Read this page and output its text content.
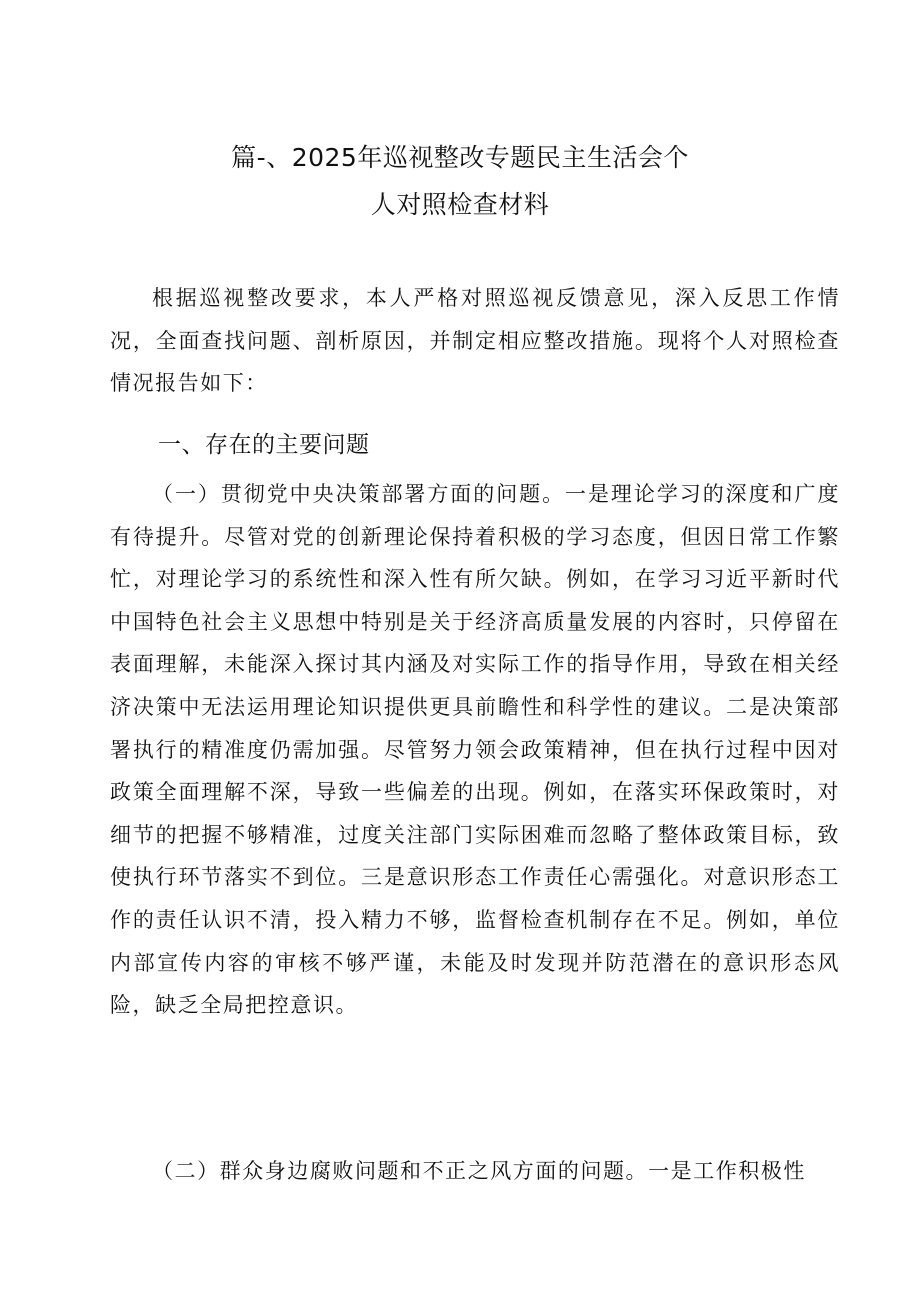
篇-、2025年巡视整改专题民主生活会个
人对照检查材料

根据巡视整改要求，本人严格对照巡视反馈意见，深入反思工作情况，全面查找问题、剖析原因，并制定相应整改措施。现将个人对照检查情况报告如下：

一、存在的主要问题

（一）贯彻党中央决策部署方面的问题。一是理论学习的深度和广度有待提升。尽管对党的创新理论保持着积极的学习态度，但因日常工作繁忙，对理论学习的系统性和深入性有所欠缺。例如，在学习习近平新时代中国特色社会主义思想中特别是关于经济高质量发展的内容时，只停留在表面理解，未能深入探讨其内涵及对实际工作的指导作用，导致在相关经济决策中无法运用理论知识提供更具前瞻性和科学性的建议。二是决策部署执行的精准度仍需加强。尽管努力领会政策精神，但在执行过程中因对政策全面理解不深，导致一些偏差的出现。例如，在落实环保政策时，对细节的把握不够精准，过度关注部门实际困难而忽略了整体政策目标，致使执行环节落实不到位。三是意识形态工作责任心需强化。对意识形态工作的责任认识不清，投入精力不够，监督检查机制存在不足。例如，单位内部宣传内容的审核不够严谨，未能及时发现并防范潜在的意识形态风险，缺乏全局把控意识。

（二）群众身边腐败问题和不正之风方面的问题。一是工作积极性
